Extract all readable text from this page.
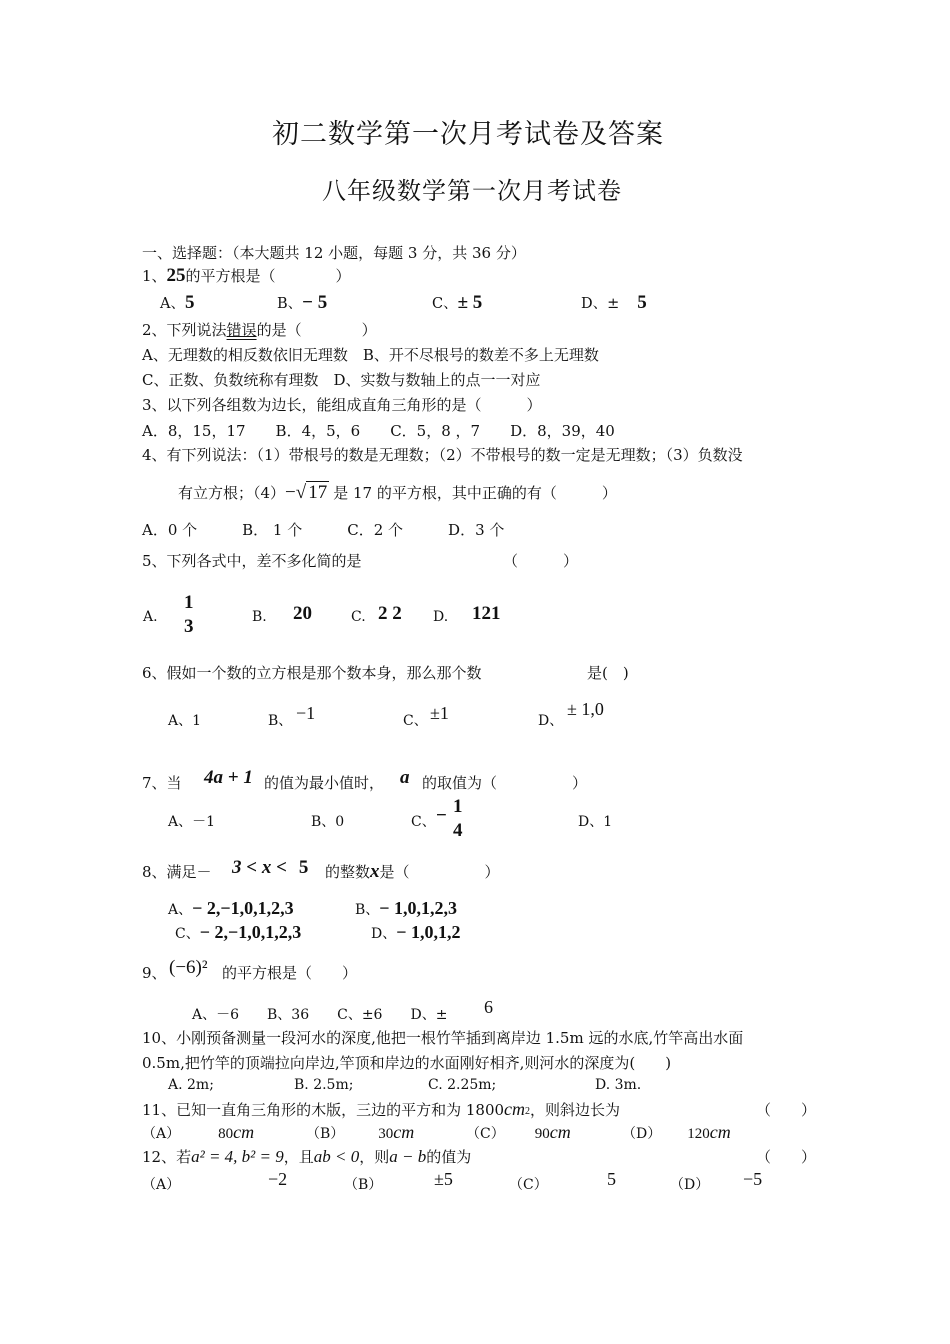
初二数学第一次月考试卷及答案
八年级数学第一次月考试卷
一、选择题：（本大题共 12 小题，每题 3 分，共 36 分）
1、25的平方根是（　　　　）
A、5	B、− 5	C、± 5	D、± 5
2、下列说法错误的是（　　　　）
A、无理数的相反数依旧无理数　B、开不尽根号的数差不多上无理数
C、正数、负数统称有理数　D、实数与数轴上的点一一对应
3、以下列各组数为边长，能组成直角三角形的是（　　　）
A．8，15，17　　B．4，5，6　　C．5，8 ，7　　D．8，39，40
4、有下列说法：（1）带根号的数是无理数；（2）不带根号的数一定是无理数；（3）负数没
有立方根；（4）−√ 17 是 17 的平方根，其中正确的有（　　　）
A．0 个　　　B． 1 个　　　C．2 个　　　D．3 个
5、下列各式中，差不多化简的是	（　　　）
A.
1
3	B. 20	C. 2 2 D. 121
6、假如一个数的立方根是那个数本身，那么那个数	是(　)
A、1	B、 −1	C、 ±1	D、
± 1,0
7、当 4a + 1 的值为最小值时， a 的取值为（　　　　　）
A、－1	B、0	C、 − 1
4	D、1
8、满足－ 3 < x < 5 的整数x是（　　　　　）
A、− 2,−1,0,1,2,3	B、− 1,0,1,2,3
C、− 2,−1,0,1,2,3	D、− 1,0,1,2
9、 (−6)² 的平方根是（　　）
A、－6　　B、36　　C、±6　　D、± 6
10、小刚预备测量一段河水的深度,他把一根竹竿插到离岸边 1.5m 远的水底,竹竿高出水面
0.5m,把竹竿的顶端拉向岸边,竿顶和岸边的水面刚好相齐,则河水的深度为(　　)
A. 2m;	B. 2.5m;	C. 2.25m;	D. 3m.
11、已知一直角三角形的木版，三边的平方和为 1800cm2，则斜边长为	（　　）
（A）	80cm	（B） 30cm	（C） 90cm	（D） 120cm
12、若a² = 4, b² = 9，且ab < 0，则a − b的值为	（　　）
（A）	−2	（B）	±5	（C）	5	（D） −5
